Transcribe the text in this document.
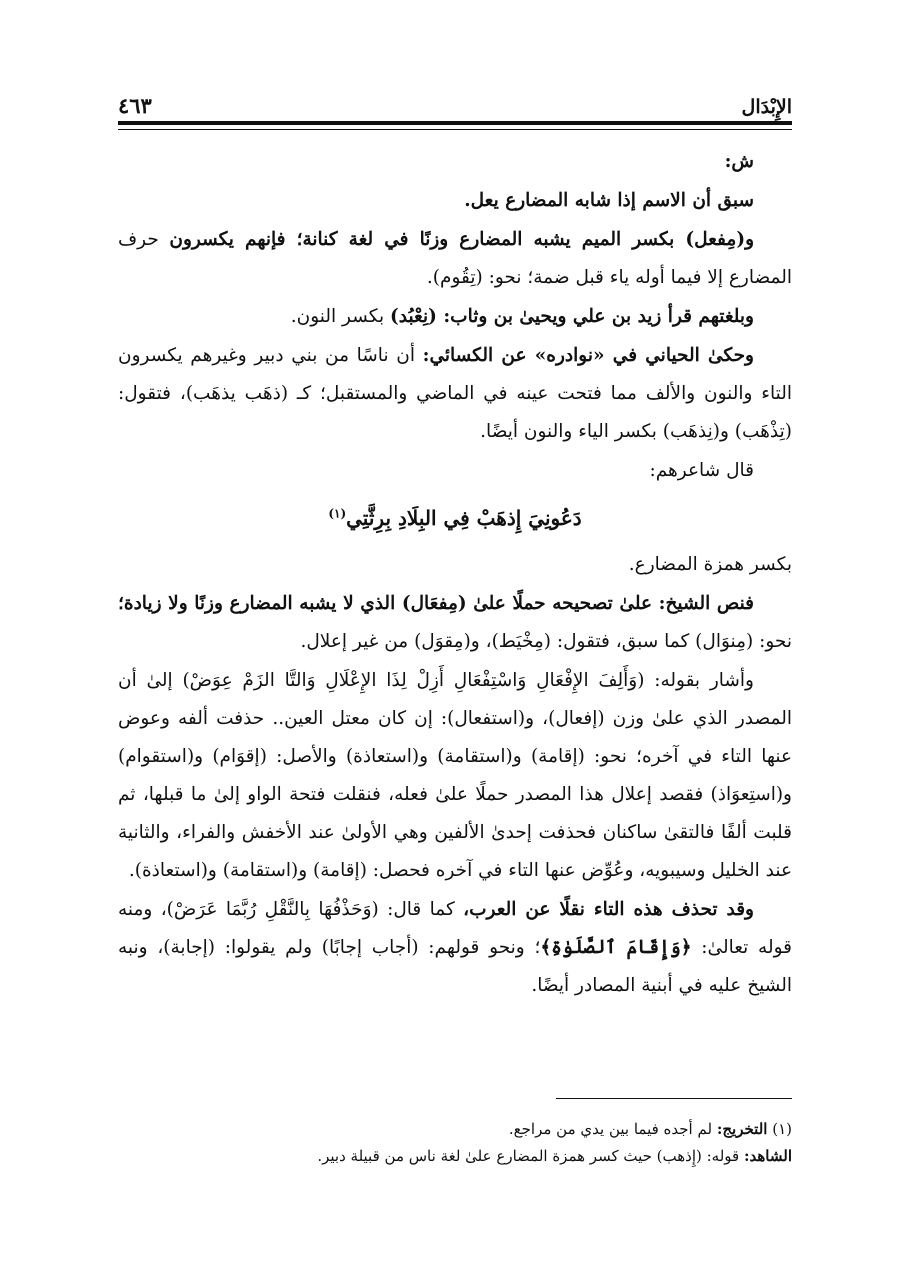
الإِبْدَال
٤٦٣

ش:

سبق أن الاسم إذا شابه المضارع يعل.

و(مِفعل) بكسر الميم يشبه المضارع وزنًا في لغة كنانة؛ فإنهم يكسرون حرف المضارع إلا فيما أوله ياء قبل ضمة؛ نحو: (تِقُوم).

وبلغتهم قرأ زيد بن علي ويحيىٰ بن وثاب: (نِعْبُد) بكسر النون.

وحكىٰ الحياني في «نوادره» عن الكسائي: أن ناسًا من بني دبير وغيرهم يكسرون التاء والنون والألف مما فتحت عينه في الماضي والمستقبل؛ كـ (ذهَب يذهَب)، فتقول: (تِذْهَب) و(نِذهَب) بكسر الياء والنون أيضًا.

قال شاعرهم:

دَعُونِيَ إِذهَبْ فِي البِلَادِ بِرِثَّتِي$^{(١)}$

بكسر همزة المضارع.

فنص الشيخ: علىٰ تصحيحه حملًا علىٰ (مِفعَال) الذي لا يشبه المضارع وزنًا ولا زيادة؛ نحو: (مِنوَال) كما سبق، فتقول: (مِخْيَط)، و(مِقوَل) من غير إعلال.

وأشار بقوله: (وَأَلِفَ الإِفْعَالِ وَاسْتِفْعَالِ أَزِلْ لِذَا الإِعْلَالِ وَالتَّا الزَمْ عِوَضْ) إلىٰ أن المصدر الذي علىٰ وزن (إفعال)، و(استفعال): إن كان معتل العين.. حذفت ألفه وعوض عنها التاء في آخره؛ نحو: (إقامة) و(استقامة) و(استعاذة) والأصل: (إقوَام) و(استقوام) و(استِعوَاذ) فقصد إعلال هذا المصدر حملًا علىٰ فعله، فنقلت فتحة الواو إلىٰ ما قبلها، ثم قلبت ألفًا فالتقىٰ ساكنان فحذفت إحدىٰ الألفين وهي الأولىٰ عند الأخفش والفراء، والثانية عند الخليل وسيبويه، وعُوِّض عنها التاء في آخره فحصل: (إقامة) و(استقامة) و(استعاذة).

وقد تحذف هذه التاء نقلًا عن العرب، كما قال: (وَحَذْفُهَا بِالنَّقْلِ رُبَّمَا عَرَضْ)، ومنه قوله تعالىٰ: ﴿وَإِقَامَ ٱلصَّلَوٰةِ﴾؛ ونحو قولهم: (أجاب إجابًا) ولم يقولوا: (إجابة)، ونبه الشيخ عليه في أبنية المصادر أيضًا.

(١) التخريج: لم أجده فيما بين يدي من مراجع.

الشاهد: قوله: (إِذهب) حيث كسر همزة المضارع علىٰ لغة ناس من قبيلة دبير.
